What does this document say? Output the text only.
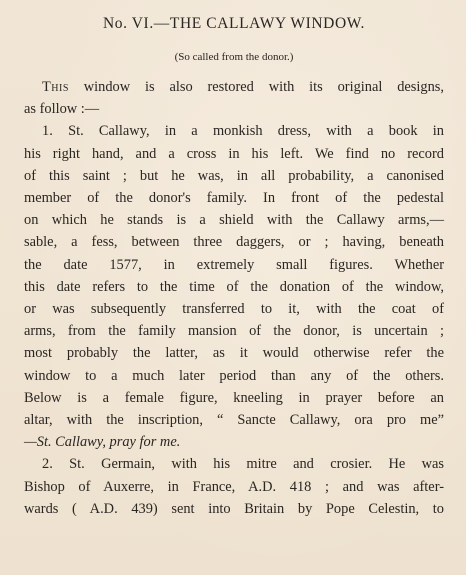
No. VI.—THE CALLAWY WINDOW.
(So called from the donor.)
This window is also restored with its original designs,
as follow :—
1. St. Callawy, in a monkish dress, with a book in
his right hand, and a cross in his left. We find no record
of this saint ; but he was, in all probability, a canonised
member of the donor's family. In front of the pedestal
on which he stands is a shield with the Callawy arms,—
sable, a fess, between three daggers, or ; having, beneath
the date 1577, in extremely small figures. Whether
this date refers to the time of the donation of the window,
or was subsequently transferred to it, with the coat of
arms, from the family mansion of the donor, is uncertain ;
most probably the latter, as it would otherwise refer the
window to a much later period than any of the others.
Below is a female figure, kneeling in prayer before an
altar, with the inscription, “ Sancte Callawy, ora pro me”
—St. Callawy, pray for me.
2. St. Germain, with his mitre and crosier. He was
Bishop of Auxerre, in France, A.D. 418 ; and was after-
wards ( A.D. 439) sent into Britain by Pope Celestin, to
